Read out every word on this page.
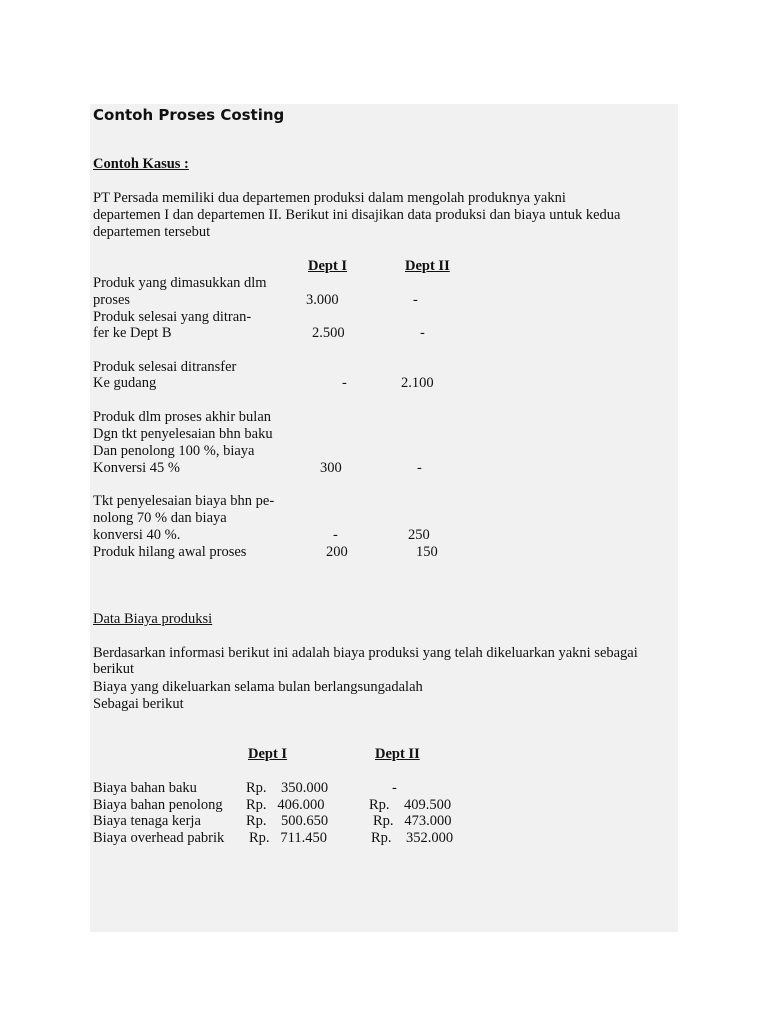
Contoh Proses Costing
Contoh Kasus :
PT Persada memiliki dua departemen produksi dalam mengolah produknya yakni
departemen I dan departemen II. Berikut ini disajikan data produksi dan biaya untuk kedua
departemen tersebut
Dept I	Dept II
Produk yang dimasukkan dlm
proses	3.000	-
Produk selesai yang ditran-
fer ke Dept B	2.500	-
Produk selesai ditransfer
Ke gudang	-	2.100
Produk dlm proses akhir bulan
Dgn tkt penyelesaian bhn baku
Dan penolong 100 %, biaya
Konversi 45 %	300	-
Tkt penyelesaian biaya bhn pe-
nolong 70 % dan biaya
konversi 40 %.	-	250
Produk hilang awal proses	200	150
Data Biaya produksi
Berdasarkan informasi berikut ini adalah biaya produksi yang telah dikeluarkan yakni sebagai
berikut
Biaya yang dikeluarkan selama bulan berlangsungadalah
Sebagai berikut
Dept I	Dept II
Biaya bahan baku	Rp.    350.000	-
Biaya bahan penolong Rp.   406.000	Rp.    409.500
Biaya tenaga kerja	Rp.    500.650	Rp.   473.000
Biaya overhead pabrik Rp.   711.450	Rp.    352.000
